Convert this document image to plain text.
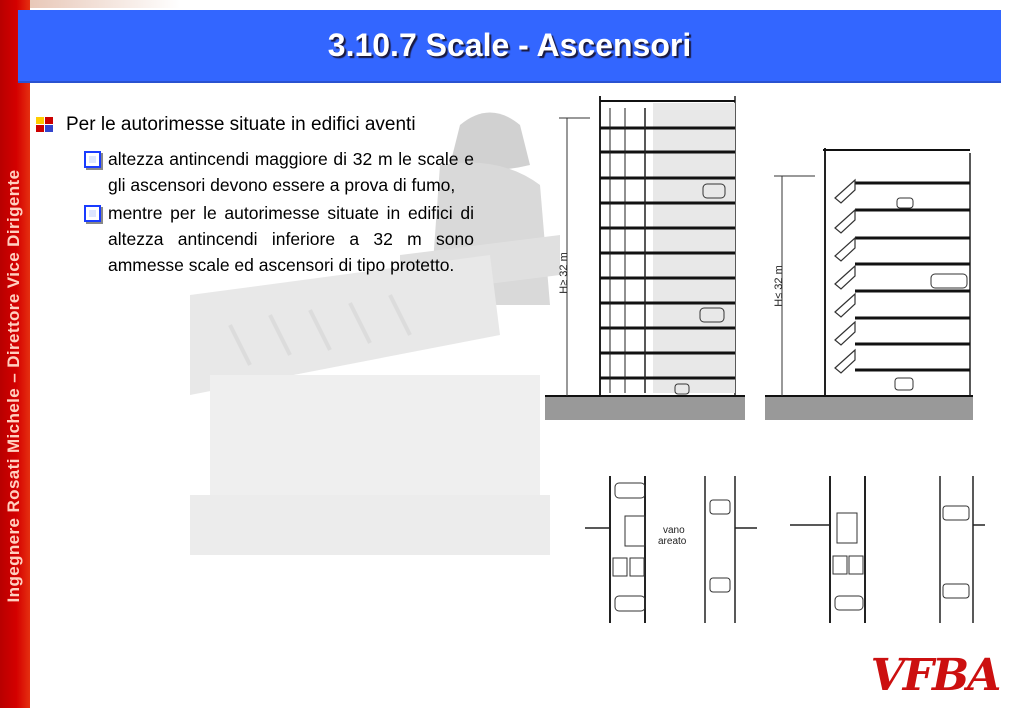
Ingegnere Rosati Michele – Direttore Vice Dirigente
3.10.7 Scale - Ascensori
Per le autorimesse situate in edifici aventi
altezza antincendi maggiore di 32 m le scale e gli ascensori devono essere a prova di fumo,
mentre per le autorimesse situate in edifici di altezza antincendi inferiore a 32 m sono ammesse scale ed ascensori di tipo protetto.	H≥ 32 m	H≤ 32 m
vano
areato
VFBA
